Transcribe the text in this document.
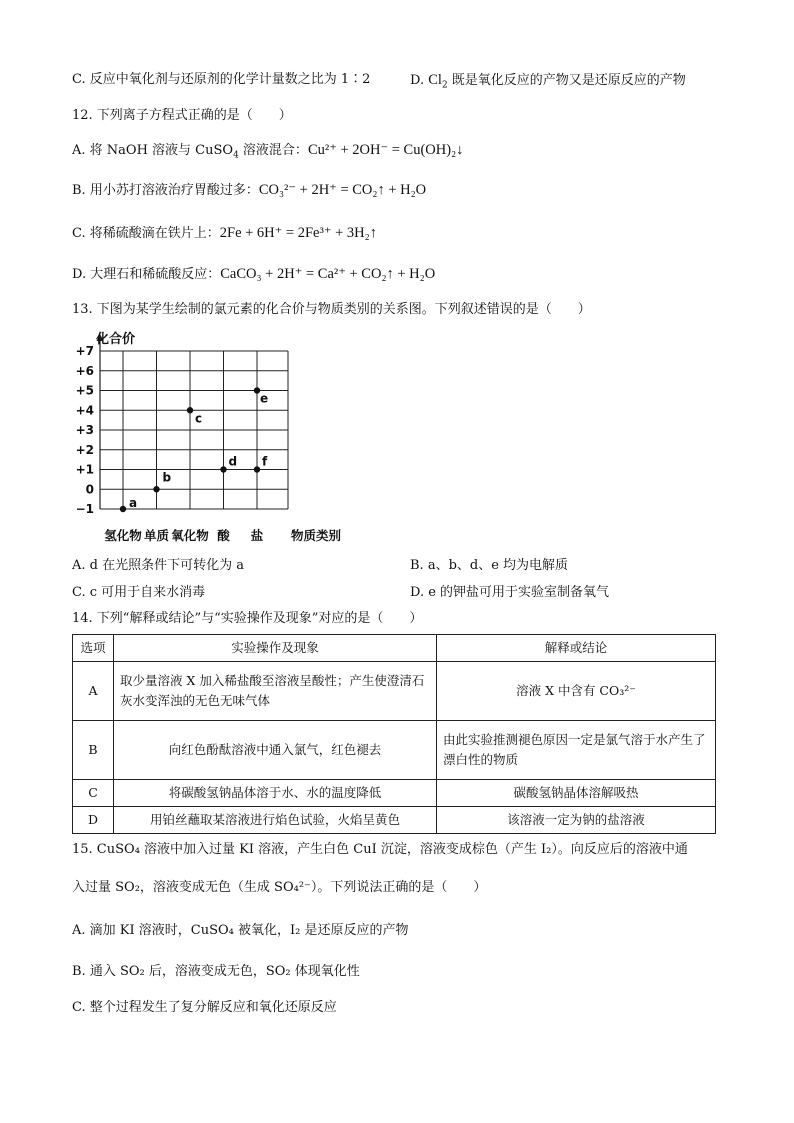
C. 反应中氧化剂与还原剂的化学计量数之比为 1∶2	D. $Cl_2$ 既是氧化反应的产物又是还原反应的产物
12. 下列离子方程式正确的是（　　）
A. 将 NaOH 溶液与 CuSO$_4$ 溶液混合：Cu²⁺ + 2OH⁻ = Cu(OH)₂↓
B. 用小苏打溶液治疗胃酸过多：CO₃²⁻ + 2H⁺ = CO₂↑ + H₂O
C. 将稀硫酸滴在铁片上：2Fe + 6H⁺ = 2Fe³⁺ + 3H₂↑
D. 大理石和稀硫酸反应：CaCO₃ + 2H⁺ = Ca²⁺ + CO₂↑ + H₂O
13. 下图为某学生绘制的氯元素的化合价与物质类别的关系图。下列叙述错误的是（　　）
+7
+6
+5
+4
+3
+2
+1
0
−1
氢化物 单质 氧化物 酸 盐
a
b
c
d
e
f
化合价
物质类别
A. d 在光照条件下可转化为 a	B. a、b、d、e 均为电解质
C. c 可用于自来水消毒	D. e 的钾盐可用于实验室制备氧气
14. 下列“解释或结论”与“实验操作及现象”对应的是（　　）
选项	实验操作及现象	解释或结论
A	取少量溶液 X 加入稀盐酸至溶液呈酸性；产生使澄清石灰水变浑浊的无色无味气体	溶液 X 中含有 CO₃²⁻
B	向红色酚酞溶液中通入氯气，红色褪去	由此实验推测褪色原因一定是氯气溶于水产生了漂白性的物质
C	将碳酸氢钠晶体溶于水、水的温度降低	碳酸氢钠晶体溶解吸热
D	用铂丝蘸取某溶液进行焰色试验，火焰呈黄色	该溶液一定为钠的盐溶液
15. CuSO₄ 溶液中加入过量 KI 溶液，产生白色 CuI 沉淀，溶液变成棕色（产生 I₂）。向反应后的溶液中通
入过量 SO₂，溶液变成无色（生成 SO₄²⁻）。下列说法正确的是（　　）
A. 滴加 KI 溶液时，CuSO₄ 被氧化，I₂ 是还原反应的产物
B. 通入 SO₂ 后，溶液变成无色，SO₂ 体现氧化性
C. 整个过程发生了复分解反应和氧化还原反应
